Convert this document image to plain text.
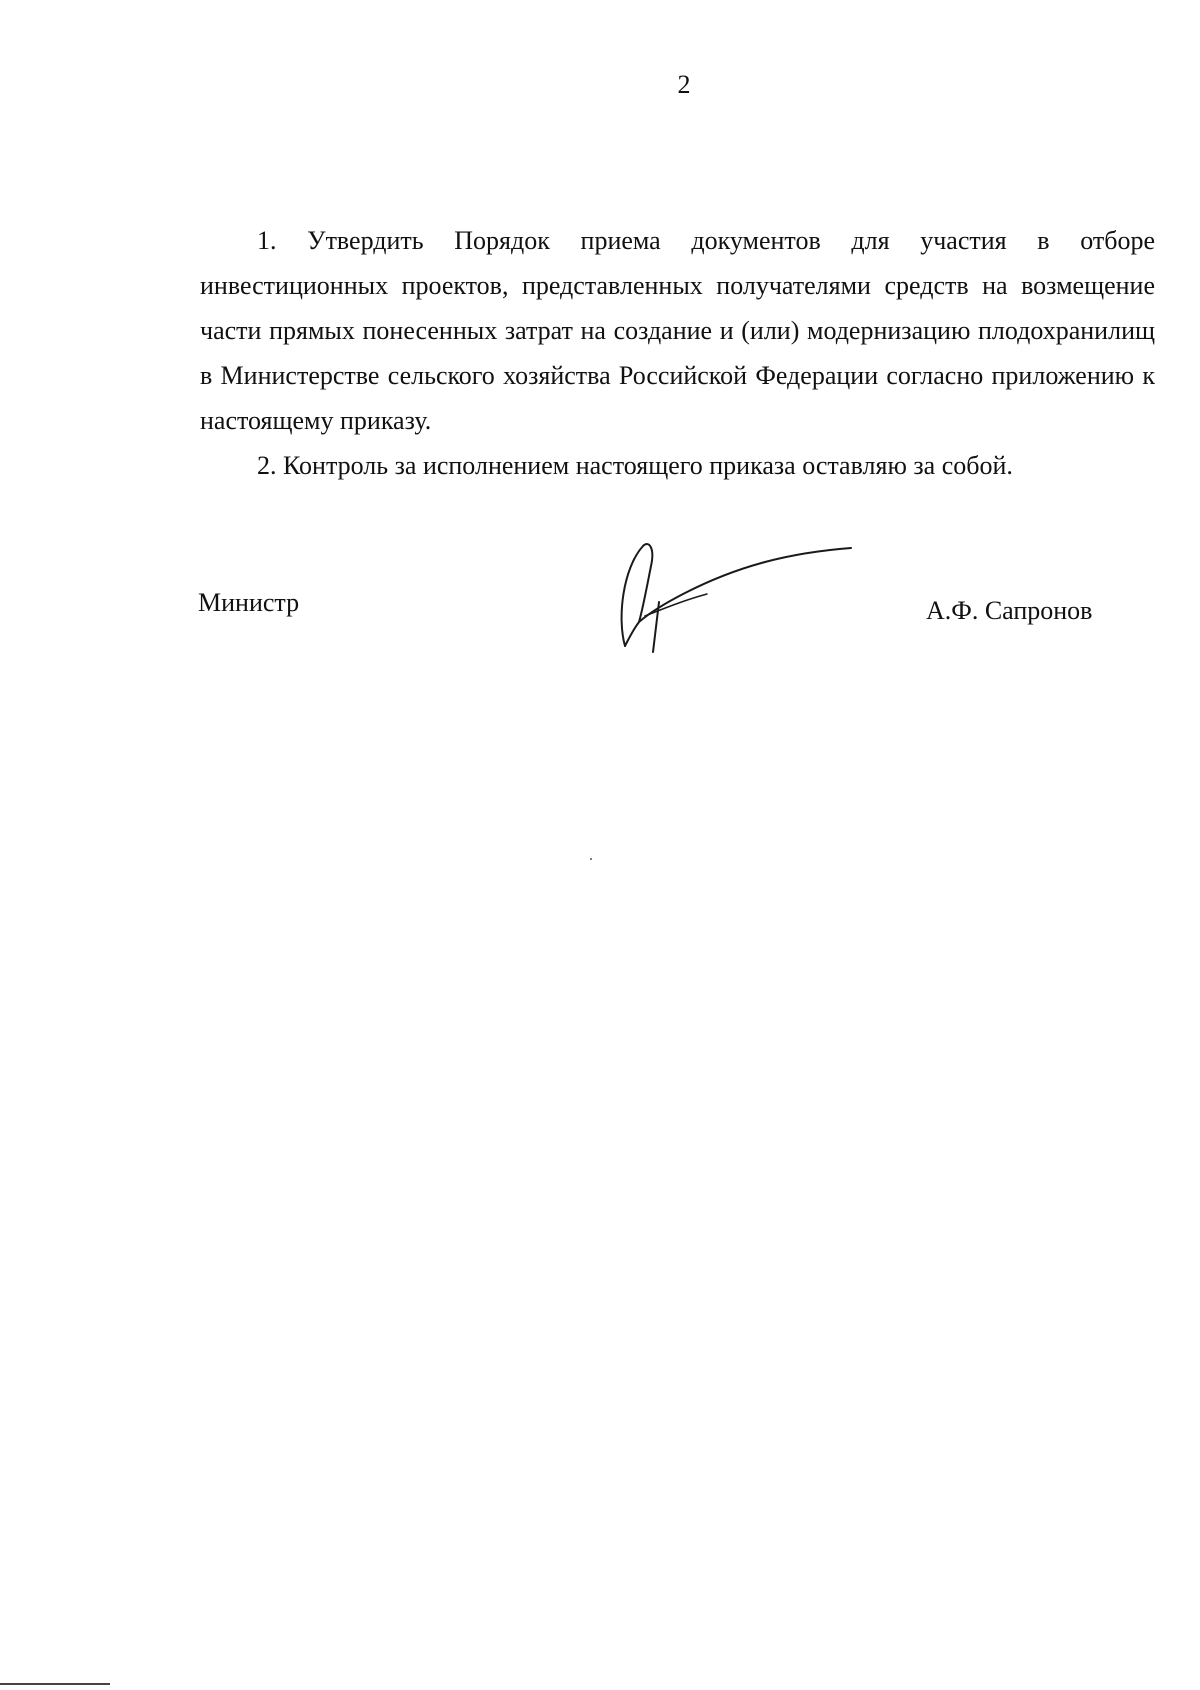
2

1. Утвердить Порядок приема документов для участия в отборе инвестиционных проектов, представленных получателями средств на возмещение части прямых понесенных затрат на создание и (или) модернизацию плодохранилищ в Министерстве сельского хозяйства Российской Федерации согласно приложению к настоящему приказу.

2. Контроль за исполнением настоящего приказа оставляю за собой.

Министр	А.Ф. Сапронов
